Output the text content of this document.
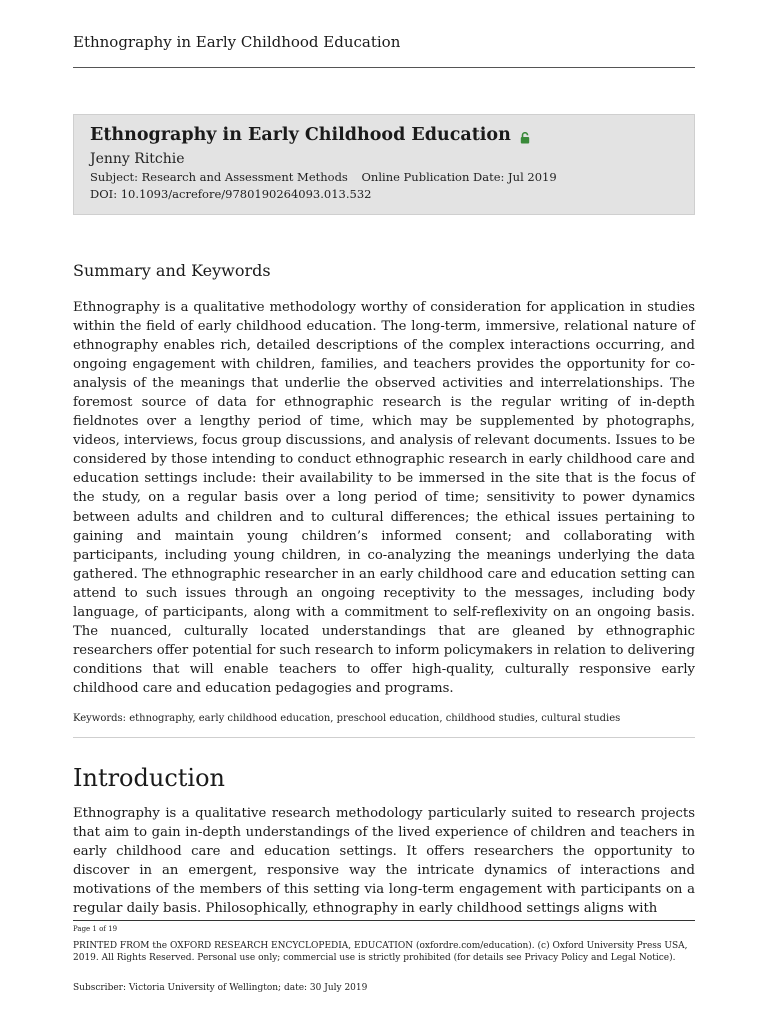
Ethnography in Early Childhood Education
Ethnography in Early Childhood Education
Jenny Ritchie
Subject: Research and Assessment Methods Online Publication Date: Jul 2019
DOI: 10.1093/acrefore/9780190264093.013.532
Summary and Keywords

Ethnography is a qualitative methodology worthy of consideration for application in studies within the field of early childhood education. The long-term, immersive, relational nature of ethnography enables rich, detailed descriptions of the complex interactions occurring, and ongoing engagement with children, families, and teachers provides the opportunity for co-analysis of the meanings that underlie the observed activities and interrelationships. The foremost source of data for ethnographic research is the regular writing of in-depth fieldnotes over a lengthy period of time, which may be supplemented by photographs, videos, interviews, focus group discussions, and analysis of relevant documents. Issues to be considered by those intending to conduct ethnographic research in early childhood care and education settings include: their availability to be immersed in the site that is the focus of the study, on a regular basis over a long period of time; sensitivity to power dynamics between adults and children and to cultural differences; the ethical issues pertaining to gaining and maintain young children’s informed consent; and collaborating with participants, including young children, in co-analyzing the meanings underlying the data gathered. The ethnographic researcher in an early childhood care and education setting can attend to such issues through an ongoing receptivity to the messages, including body language, of participants, along with a commitment to self-reflexivity on an ongoing basis. The nuanced, culturally located understandings that are gleaned by ethnographic researchers offer potential for such research to inform policymakers in relation to delivering conditions that will enable teachers to offer high-quality, culturally responsive early childhood care and education pedagogies and programs.

Keywords: ethnography, early childhood education, preschool education, childhood studies, cultural studies
Introduction

Ethnography is a qualitative research methodology particularly suited to research projects that aim to gain in-depth understandings of the lived experience of children and teachers in early childhood care and education settings. It offers researchers the opportunity to discover in an emergent, responsive way the intricate dynamics of interactions and motivations of the members of this setting via long-term engagement with participants on a regular daily basis. Philosophically, ethnography in early childhood settings aligns with

Page 1 of 19

PRINTED FROM the OXFORD RESEARCH ENCYCLOPEDIA, EDUCATION (oxfordre.com/education). (c) Oxford University Press USA, 2019. All Rights Reserved. Personal use only; commercial use is strictly prohibited (for details see Privacy Policy and Legal Notice).

Subscriber: Victoria University of Wellington; date: 30 July 2019
